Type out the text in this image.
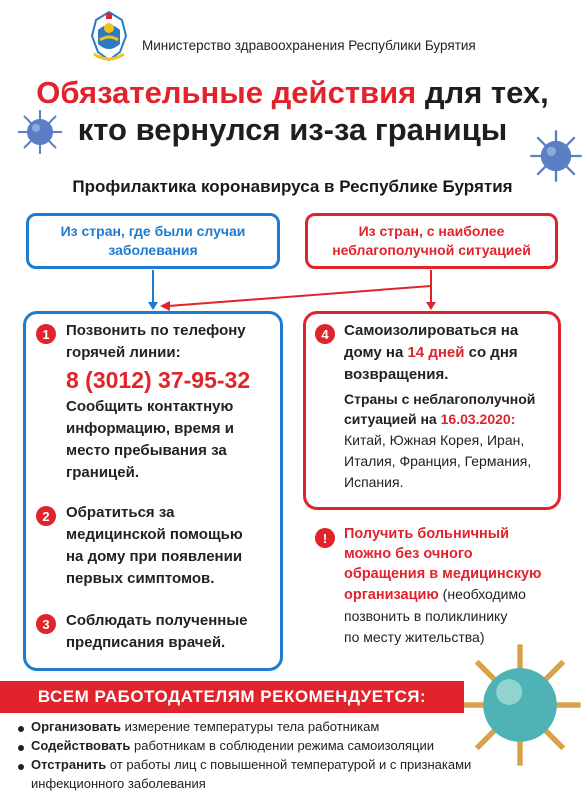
Министерство здравоохранения Республики Бурятия
Обязательные действия для тех,
кто вернулся из-за границы
Профилактика коронавируса в Республике Бурятия
Из стран, где были случаи
заболевания
Из стран, с наиболее
неблагополучной ситуацией
1	Позвонить по телефону
горячей линии:
8 (3012) 37-95-32
Сообщить контактную
информацию, время и
место пребывания за
границей.
2	Обратиться за
медицинской помощью
на дому при появлении
первых симптомов.
3	Соблюдать полученные
предписания врачей.
4	Самоизолироваться на
дому на 14 дней со дня
возвращения.
Страны с неблагополучной
ситуацией на 16.03.2020:
Китай, Южная Корея, Иран,
Италия, Франция, Германия,
Испания.
!	Получить больничный
можно без очного
обращения в медицинскую
организацию (необходимо
позвонить в поликлинику
по месту жительства)
ВСЕМ РАБОТОДАТЕЛЯМ РЕКОМЕНДУЕТСЯ:
Организовать измерение температуры тела работникам
Содействовать работникам в соблюдении режима самоизоляции
Отстранить от работы лиц с повышенной температурой и с признаками
инфекционного заболевания
